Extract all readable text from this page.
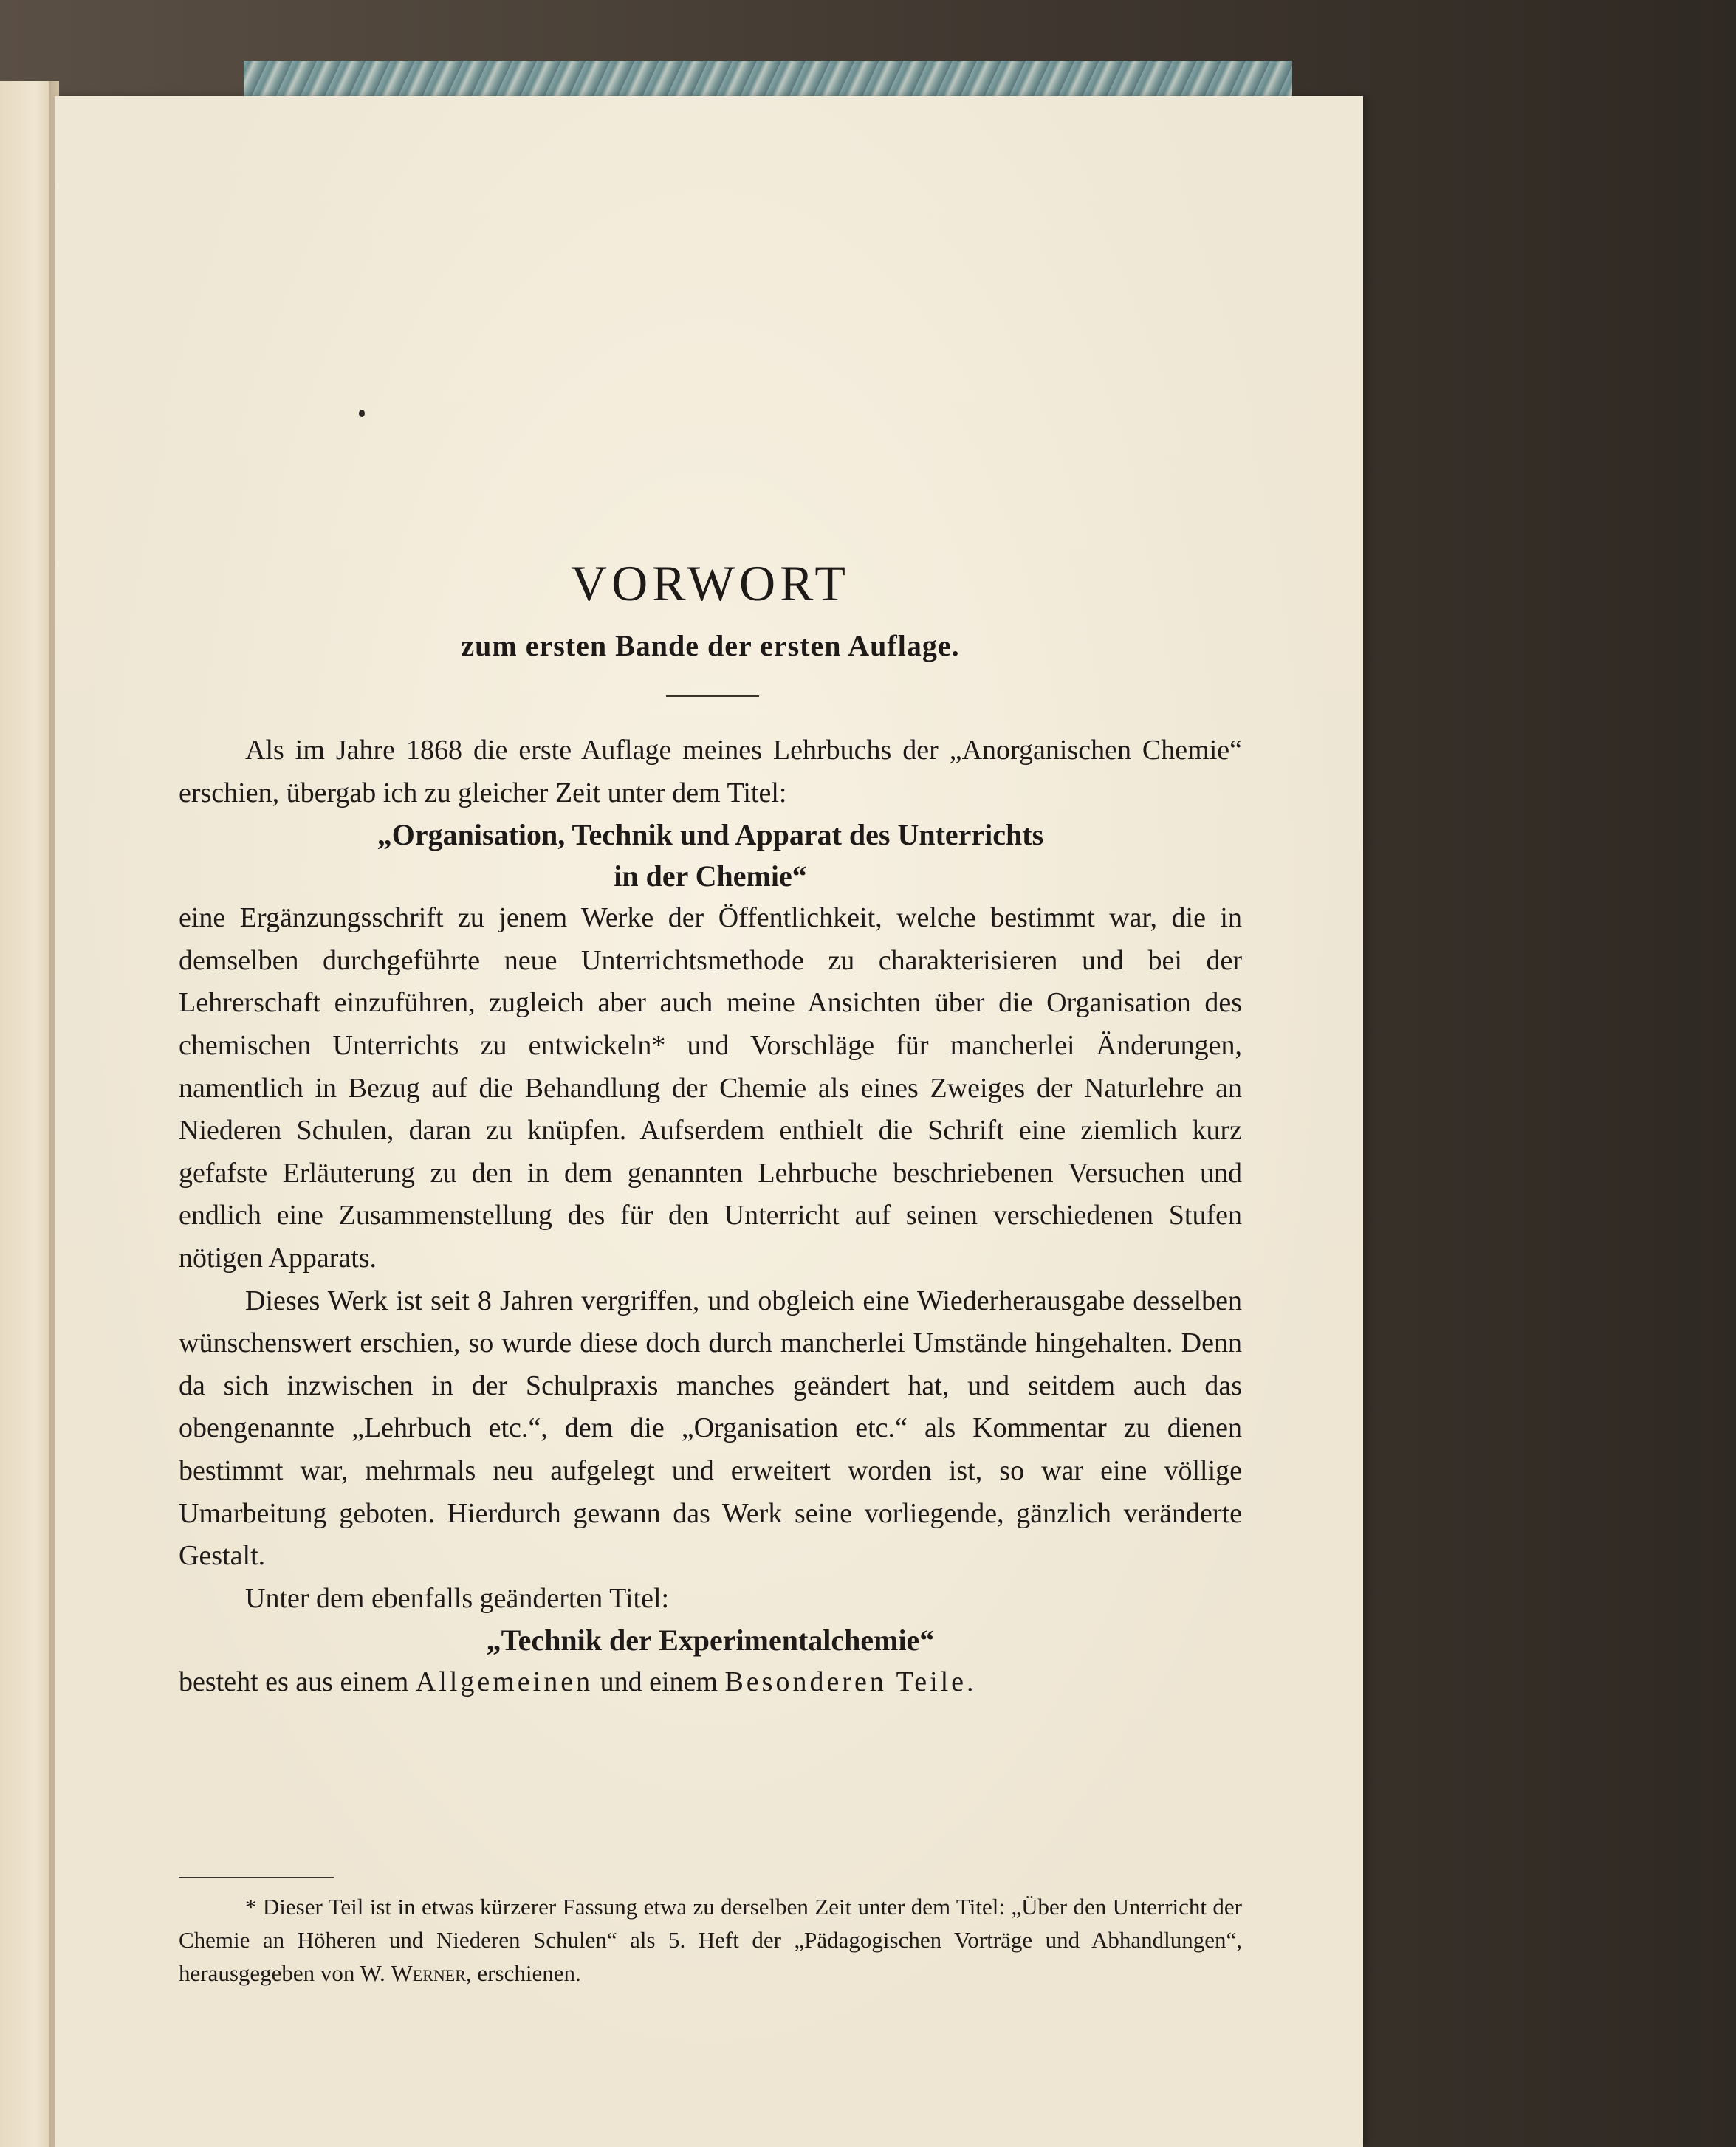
VORWORT
zum ersten Bande der ersten Auflage.

Als im Jahre 1868 die erste Auflage meines Lehrbuchs der „Anorganischen Chemie“ erschien, übergab ich zu gleicher Zeit unter dem Titel:

„Organisation, Technik und Apparat des Unterrichts
in der Chemie“

eine Ergänzungsschrift zu jenem Werke der Öffentlichkeit, welche bestimmt war, die in demselben durchgeführte neue Unterrichtsmethode zu charakterisieren und bei der Lehrerschaft einzuführen, zugleich aber auch meine Ansichten über die Organisation des chemischen Unterrichts zu entwickeln* und Vorschläge für mancherlei Änderungen, namentlich in Bezug auf die Behandlung der Chemie als eines Zweiges der Naturlehre an Niederen Schulen, daran zu knüpfen. Aufserdem enthielt die Schrift eine ziemlich kurz gefafste Erläuterung zu den in dem genannten Lehrbuche beschriebenen Versuchen und endlich eine Zusammenstellung des für den Unterricht auf seinen verschiedenen Stufen nötigen Apparats.

Dieses Werk ist seit 8 Jahren vergriffen, und obgleich eine Wiederherausgabe desselben wünschenswert erschien, so wurde diese doch durch mancherlei Umstände hingehalten. Denn da sich inzwischen in der Schulpraxis manches geändert hat, und seitdem auch das obengenannte „Lehrbuch etc.“, dem die „Organisation etc.“ als Kommentar zu dienen bestimmt war, mehrmals neu aufgelegt und erweitert worden ist, so war eine völlige Umarbeitung geboten. Hierdurch gewann das Werk seine vorliegende, gänzlich veränderte Gestalt.

Unter dem ebenfalls geänderten Titel:

„Technik der Experimentalchemie“

besteht es aus einem Allgemeinen und einem Besonderen Teile.

* Dieser Teil ist in etwas kürzerer Fassung etwa zu derselben Zeit unter dem Titel: „Über den Unterricht der Chemie an Höheren und Niederen Schulen“ als 5. Heft der „Pädagogischen Vorträge und Abhandlungen“, herausgegeben von W. Werner, erschienen.
